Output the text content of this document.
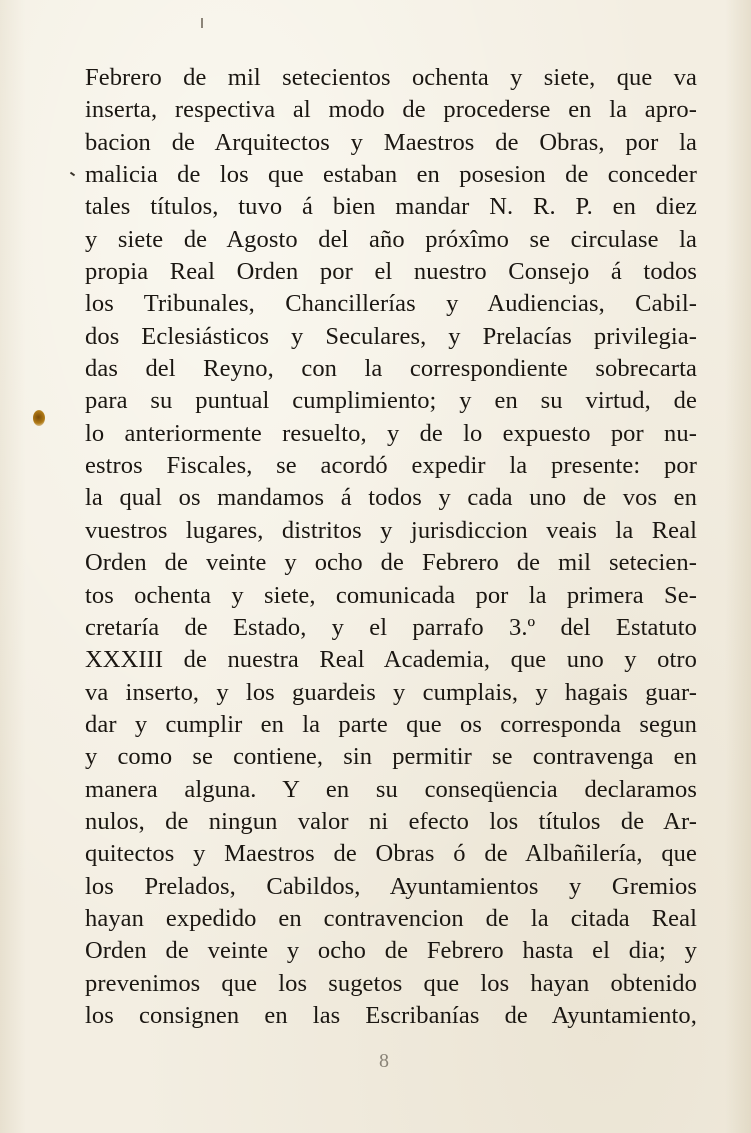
Febrero de mil setecientos ochenta y siete, que va
inserta, respectiva al modo de procederse en la apro-
bacion de Arquitectos y Maestros de Obras, por la
malicia de los que estaban en posesion de conceder
tales títulos, tuvo á bien mandar N. R. P. en diez
y siete de Agosto del año próxîmo se circulase la
propia Real Orden por el nuestro Consejo á todos
los Tribunales, Chancillerías y Audiencias, Cabil-
dos Eclesiásticos y Seculares, y Prelacías privilegia-
das del Reyno, con la correspondiente sobrecarta
para su puntual cumplimiento; y en su virtud, de
lo anteriormente resuelto, y de lo expuesto por nu-
estros Fiscales, se acordó expedir la presente: por
la qual os mandamos á todos y cada uno de vos en
vuestros lugares, distritos y jurisdiccion veais la Real
Orden de veinte y ocho de Febrero de mil setecien-
tos ochenta y siete, comunicada por la primera Se-
cretaría de Estado, y el parrafo 3.º del Estatuto
XXXIII de nuestra Real Academia, que uno y otro
va inserto, y los guardeis y cumplais, y hagais guar-
dar y cumplir en la parte que os corresponda segun
y como se contiene, sin permitir se contravenga en
manera alguna. Y en su conseqüencia declaramos
nulos, de ningun valor ni efecto los títulos de Ar-
quitectos y Maestros de Obras ó de Albañilería, que
los Prelados, Cabildos, Ayuntamientos y Gremios
hayan expedido en contravencion de la citada Real
Orden de veinte y ocho de Febrero hasta el dia; y
prevenimos que los sugetos que los hayan obtenido
los consignen en las Escribanías de Ayuntamiento,
8
